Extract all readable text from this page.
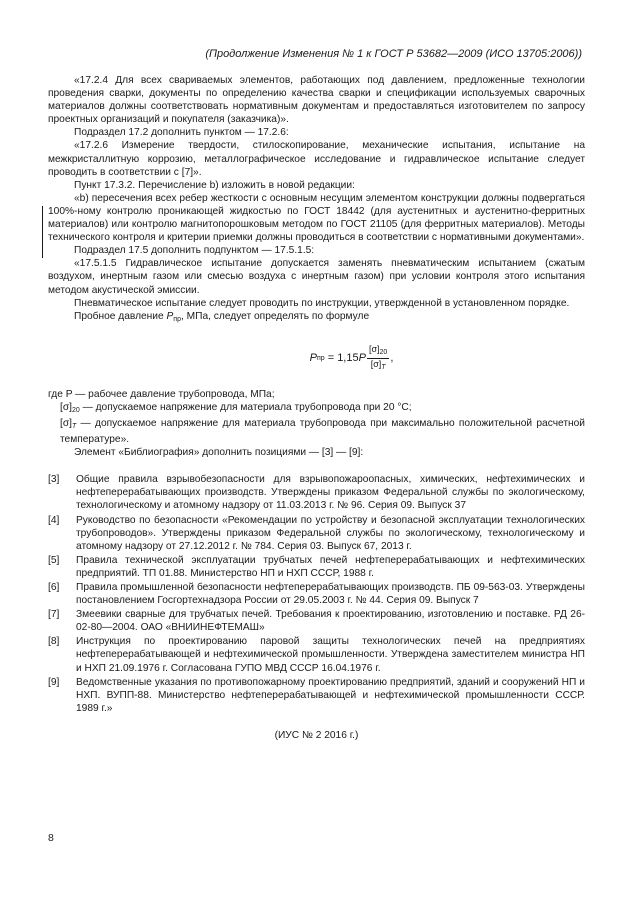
(Продолжение Изменения № 1 к ГОСТ Р 53682—2009 (ИСО 13705:2006))

«17.2.4 Для всех свариваемых элементов, работающих под давлением, предложенные технологии проведения сварки, документы по определению качества сварки и спецификации используемых сварочных материалов должны соответствовать нормативным документам и предоставляться изготовителем по запросу проектных организаций и покупателя (заказчика)».

Подраздел 17.2 дополнить пунктом — 17.2.6:

«17.2.6 Измерение твердости, стилоскопирование, механические испытания, испытание на межкристаллитную коррозию, металлографическое исследование и гидравлическое испытание следует проводить в соответствии с [7]».

Пункт 17.3.2. Перечисление b) изложить в новой редакции:

«b) пересечения всех ребер жесткости с основным несущим элементом конструкции должны подвергаться 100%-ному контролю проникающей жидкостью по ГОСТ 18442 (для аустенитных и аустенитно-ферритных материалов) или контролю магнитопорошковым методом по ГОСТ 21105 (для ферритных материалов). Методы технического контроля и критерии приемки должны проводиться в соответствии с нормативными документами».

Подраздел 17.5 дополнить подпунктом — 17.5.1.5:

«17.5.1.5 Гидравлическое испытание допускается заменять пневматическим испытанием (сжатым воздухом, инертным газом или смесью воздуха с инертным газом) при условии контроля этого испытания методом акустической эмиссии.

Пневматическое испытание следует проводить по инструкции, утвержденной в установленном порядке.

Пробное давление $P_{пр}$, МПа, следует определять по формуле

P пр = 1,15 P $\frac{[\sigma]_{20}}{[\sigma]_T}$ ,

где P — рабочее давление трубопровода, МПа;

$[\sigma]_{20}$ — допускаемое напряжение для материала трубопровода при 20 °С;

$[\sigma]_T$ — допускаемое напряжение для материала трубопровода при максимально положительной расчетной температуре».

Элемент «Библиография» дополнить позициями — [3] — [9]:

[3]	Общие правила взрывобезопасности для взрывопожароопасных, химических, нефтехимических и нефтеперерабатывающих производств. Утверждены приказом Федеральной службы по экологическому, технологическому и атомному надзору от 11.03.2013 г. № 96. Серия 09. Выпуск 37
[4]	Руководство по безопасности «Рекомендации по устройству и безопасной эксплуатации технологических трубопроводов». Утверждены приказом Федеральной службы по экологическому, технологическому и атомному надзору от 27.12.2012 г. № 784. Серия 03. Выпуск 67, 2013 г.
[5]	Правила технической эксплуатации трубчатых печей нефтеперерабатывающих и нефтехимических предприятий. ТП 01.88. Министерство НП и НХП СССР, 1988 г.
[6]	Правила промышленной безопасности нефтеперерабатывающих производств. ПБ 09-563-03. Утверждены постановлением Госгортехнадзора России от 29.05.2003 г. № 44. Серия 09. Выпуск 7
[7]	Змеевики сварные для трубчатых печей. Требования к проектированию, изготовлению и поставке. РД 26-02-80—2004. ОАО «ВНИИНЕФТЕМАШ»
[8]	Инструкция по проектированию паровой защиты технологических печей на предприятиях нефтеперерабатывающей и нефтехимической промышленности. Утверждена заместителем министра НП и НХП 21.09.1976 г. Согласована ГУПО МВД СССР 16.04.1976 г.
[9]	Ведомственные указания по противопожарному проектированию предприятий, зданий и сооружений НП и НХП. ВУПП-88. Министерство нефтеперерабатывающей и нефтехимической промышленности СССР. 1989 г.»
(ИУС № 2 2016 г.)
8
